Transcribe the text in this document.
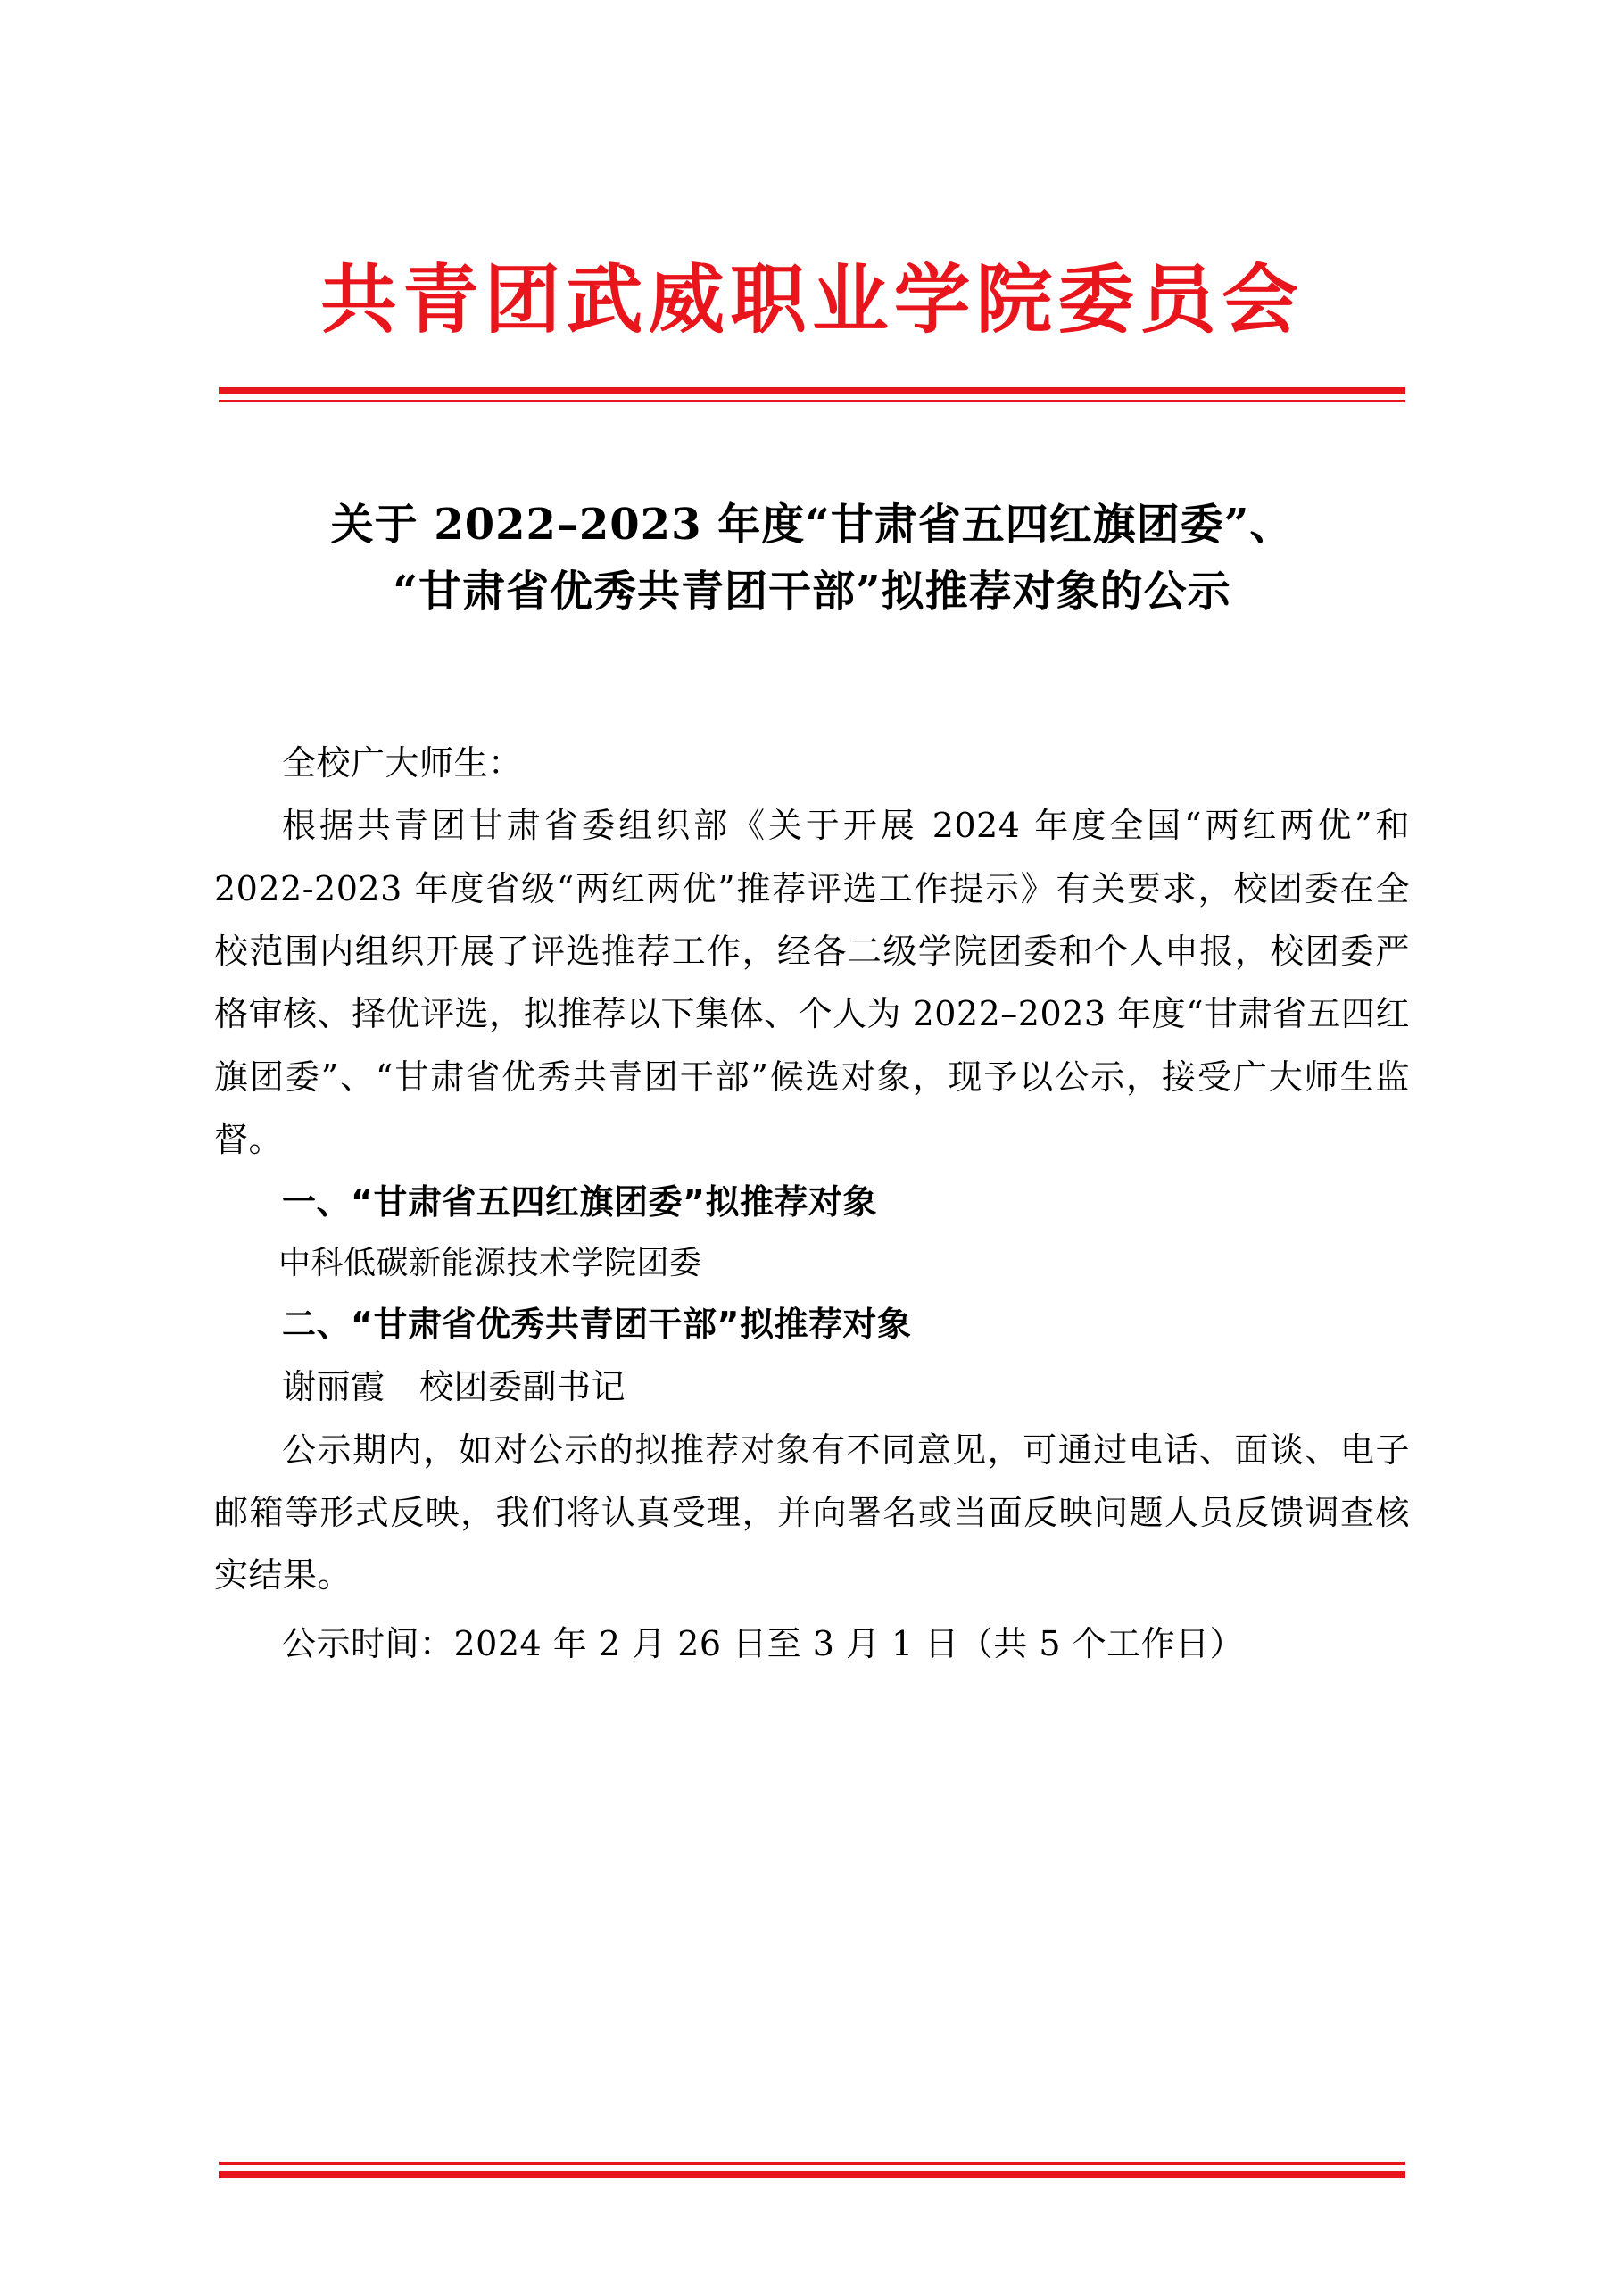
共青团武威职业学院委员会
关于 2022–2023 年度“甘肃省五四红旗团委”、
“甘肃省优秀共青团干部”拟推荐对象的公示

全校广大师生：

根据共青团甘肃省委组织部《关于开展 2024 年度全国“两红两优”和 2022-2023 年度省级“两红两优”推荐评选工作提示》有关要求，校团委在全校范围内组织开展了评选推荐工作，经各二级学院团委和个人申报，校团委严格审核、择优评选，拟推荐以下集体、个人为 2022–2023 年度“甘肃省五四红旗团委”、“甘肃省优秀共青团干部”候选对象，现予以公示，接受广大师生监督。

一、“甘肃省五四红旗团委”拟推荐对象

中科低碳新能源技术学院团委

二、“甘肃省优秀共青团干部”拟推荐对象

谢丽霞　校团委副书记

公示期内，如对公示的拟推荐对象有不同意见，可通过电话、面谈、电子邮箱等形式反映，我们将认真受理，并向署名或当面反映问题人员反馈调查核实结果。

公示时间：2024 年 2 月 26 日至 3 月 1 日（共 5 个工作日）
